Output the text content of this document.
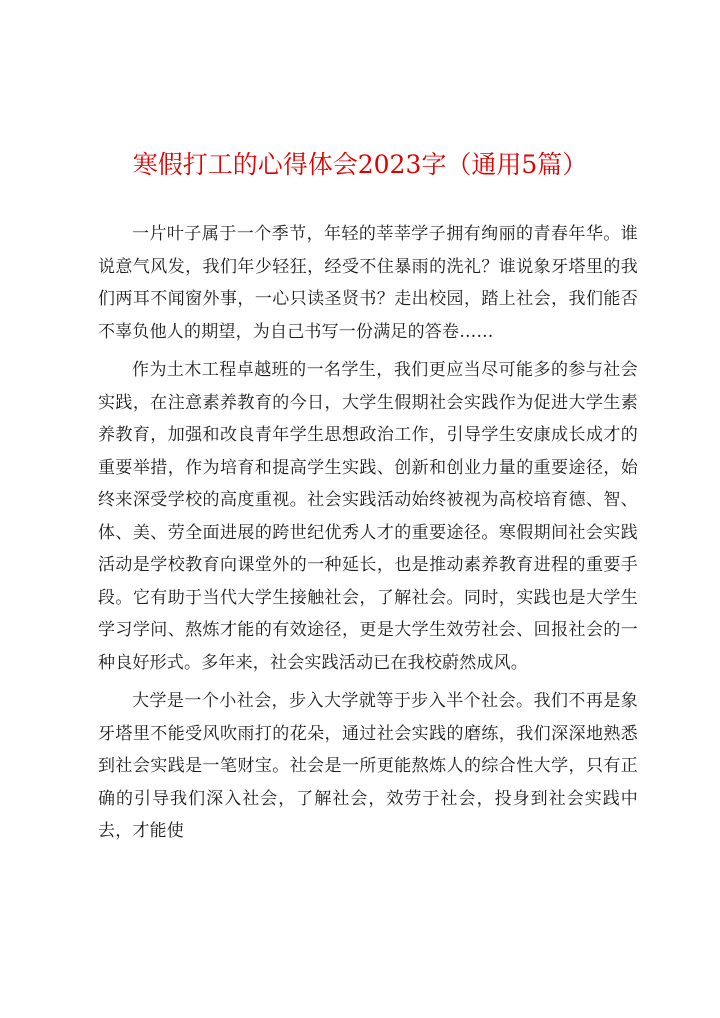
寒假打工的心得体会2023字（通用5篇）

一片叶子属于一个季节，年轻的莘莘学子拥有绚丽的青春年华。谁说意气风发，我们年少轻狂，经受不住暴雨的洗礼？谁说象牙塔里的我们两耳不闻窗外事，一心只读圣贤书？走出校园，踏上社会，我们能否不辜负他人的期望，为自己书写一份满足的答卷……

作为土木工程卓越班的一名学生，我们更应当尽可能多的参与社会实践，在注意素养教育的今日，大学生假期社会实践作为促进大学生素养教育，加强和改良青年学生思想政治工作，引导学生安康成长成才的重要举措，作为培育和提高学生实践、创新和创业力量的重要途径，始终来深受学校的高度重视。社会实践活动始终被视为高校培育德、智、体、美、劳全面进展的跨世纪优秀人才的重要途径。寒假期间社会实践活动是学校教育向课堂外的一种延长，也是推动素养教育进程的重要手段。它有助于当代大学生接触社会，了解社会。同时，实践也是大学生学习学问、熬炼才能的有效途径，更是大学生效劳社会、回报社会的一种良好形式。多年来，社会实践活动已在我校蔚然成风。

大学是一个小社会，步入大学就等于步入半个社会。我们不再是象牙塔里不能受风吹雨打的花朵，通过社会实践的磨练，我们深深地熟悉到社会实践是一笔财宝。社会是一所更能熬炼人的综合性大学，只有正确的引导我们深入社会，了解社会，效劳于社会，投身到社会实践中去，才能使
